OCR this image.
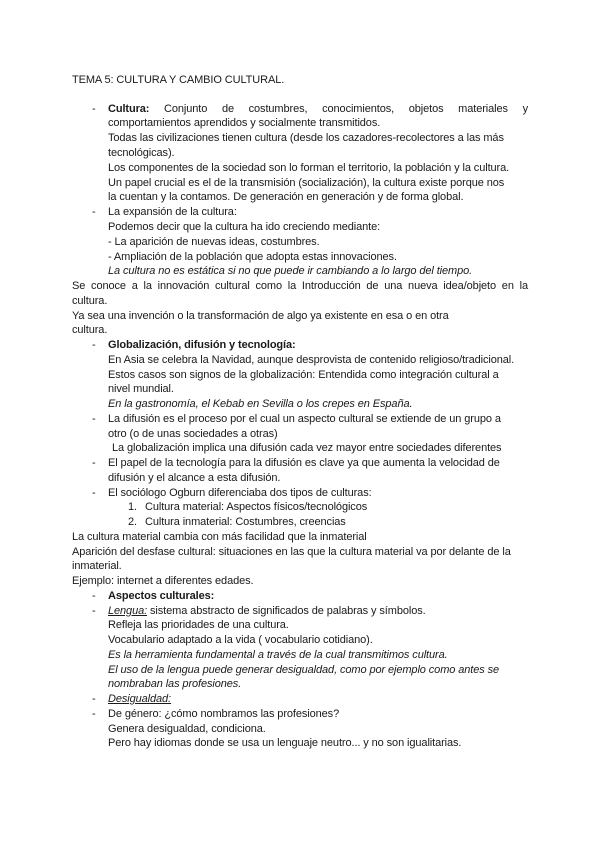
TEMA 5: CULTURA Y CAMBIO CULTURAL.
- Cultura: Conjunto de costumbres, conocimientos, objetos materiales y
comportamientos aprendidos y socialmente transmitidos.
Todas las civilizaciones tienen cultura (desde los cazadores-recolectores a las más
tecnológicas).
Los componentes de la sociedad son lo forman el territorio, la población y la cultura.
Un papel crucial es el de la transmisión (socialización), la cultura existe porque nos
la cuentan y la contamos. De generación en generación y de forma global.
- La expansión de la cultura:
Podemos decir que la cultura ha ido creciendo mediante:
- La aparición de nuevas ideas, costumbres.
- Ampliación de la población que adopta estas innovaciones.
La cultura no es estática si no que puede ir cambiando a lo largo del tiempo.
Se conoce a la innovación cultural como la Introducción de una nueva idea/objeto en la
cultura.
Ya sea una invención o la transformación de algo ya existente en esa o en otra
cultura.
- Globalización, difusión y tecnología:
En Asia se celebra la Navidad, aunque desprovista de contenido religioso/tradicional.
Estos casos son signos de la globalización: Entendida como integración cultural a
nivel mundial.
En la gastronomía, el Kebab en Sevilla o los crepes en España.
- La difusión es el proceso por el cual un aspecto cultural se extiende de un grupo a
otro (o de unas sociedades a otras)
La globalización implica una difusión cada vez mayor entre sociedades diferentes
- El papel de la tecnología para la difusión es clave ya que aumenta la velocidad de
difusión y el alcance a esta difusión.
- El sociólogo Ogburn diferenciaba dos tipos de culturas:
1. Cultura material: Aspectos físicos/tecnológicos
2. Cultura inmaterial: Costumbres, creencias
La cultura material cambia con más facilidad que la inmaterial
Aparición del desfase cultural: situaciones en las que la cultura material va por delante de la
inmaterial.
Ejemplo: internet a diferentes edades.
- Aspectos culturales:
- Lengua: sistema abstracto de significados de palabras y símbolos.
Refleja las prioridades de una cultura.
Vocabulario adaptado a la vida ( vocabulario cotidiano).
Es la herramienta fundamental a través de la cual transmitimos cultura.
El uso de la lengua puede generar desigualdad, como por ejemplo como antes se
nombraban las profesiones.
- Desigualdad:
- De género: ¿cómo nombramos las profesiones?
Genera desigualdad, condiciona.
Pero hay idiomas donde se usa un lenguaje neutro... y no son igualitarias.
